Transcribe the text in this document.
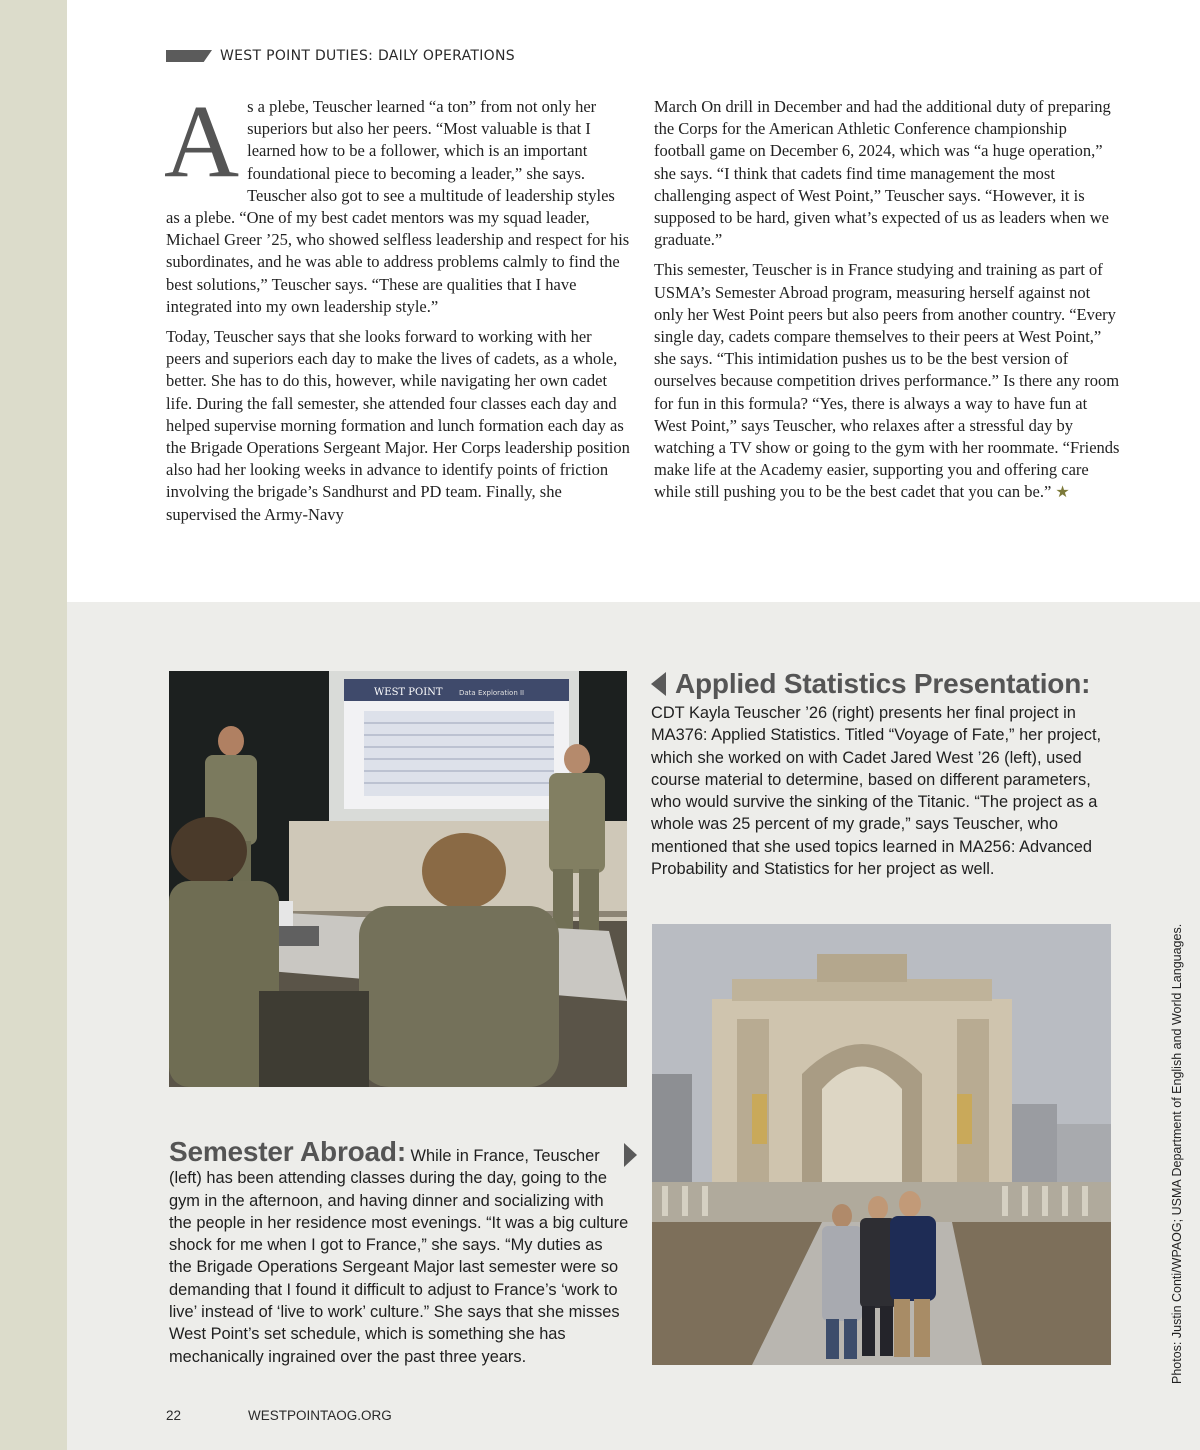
WEST POINT DUTIES: DAILY OPERATIONS

As a plebe, Teuscher learned “a ton” from not only her superiors but also her peers. “Most valuable is that I learned how to be a follower, which is an important foundational piece to becoming a leader,” she says. Teuscher also got to see a multitude of leadership styles as a plebe. “One of my best cadet mentors was my squad leader, Michael Greer ’25, who showed selfless leadership and respect for his subordinates, and he was able to address problems calmly to find the best solutions,” Teuscher says. “These are qualities that I have integrated into my own leadership style.”

Today, Teuscher says that she looks forward to working with her peers and superiors each day to make the lives of cadets, as a whole, better. She has to do this, however, while navigating her own cadet life. During the fall semester, she attended four classes each day and helped supervise morning formation and lunch formation each day as the Brigade Operations Sergeant Major. Her Corps leadership position also had her looking weeks in advance to identify points of friction involving the brigade’s Sandhurst and PD team. Finally, she supervised the Army-Navy

March On drill in December and had the additional duty of preparing the Corps for the American Athletic Conference championship football game on December 6, 2024, which was “a huge operation,” she says. “I think that cadets find time management the most challenging aspect of West Point,” Teuscher says. “However, it is supposed to be hard, given what’s expected of us as leaders when we graduate.”

This semester, Teuscher is in France studying and training as part of USMA’s Semester Abroad program, measuring herself against not only her West Point peers but also peers from another country. “Every single day, cadets compare themselves to their peers at West Point,” she says. “This intimidation pushes us to be the best version of ourselves because competition drives performance.” Is there any room for fun in this formula? “Yes, there is always a way to have fun at West Point,” says Teuscher, who relaxes after a stressful day by watching a TV show or going to the gym with her roommate. “Friends make life at the Academy easier, supporting you and offering care while still pushing you to be the best cadet that you can be.” ★

WEST POINT Data Exploration II	Applied Statistics Presentation:
CDT Kayla Teuscher ’26 (right) presents her final project in MA376: Applied Statistics. Titled “Voyage of Fate,” her project, which she worked on with Cadet Jared West ’26 (left), used course material to determine, based on different parameters, who would survive the sinking of the Titanic. “The project as a whole was 25 percent of my grade,” says Teuscher, who mentioned that she used topics learned in MA256: Advanced Probability and Statistics for her project as well.
Semester Abroad: While in France, Teuscher (left) has been attending classes during the day, going to the gym in the afternoon, and having dinner and socializing with the people in her residence most evenings. “It was a big culture shock for me when I got to France,” she says. “My duties as the Brigade Operations Sergeant Major last semester were so demanding that I found it difficult to adjust to France’s ‘work to live’ instead of ‘live to work’ culture.” She says that she misses West Point’s set schedule, which is something she has mechanically ingrained over the past three years.
22	WESTPOINTAOG.ORG
Photos: Justin Conti/WPAOG; USMA Department of English and World Languages.
